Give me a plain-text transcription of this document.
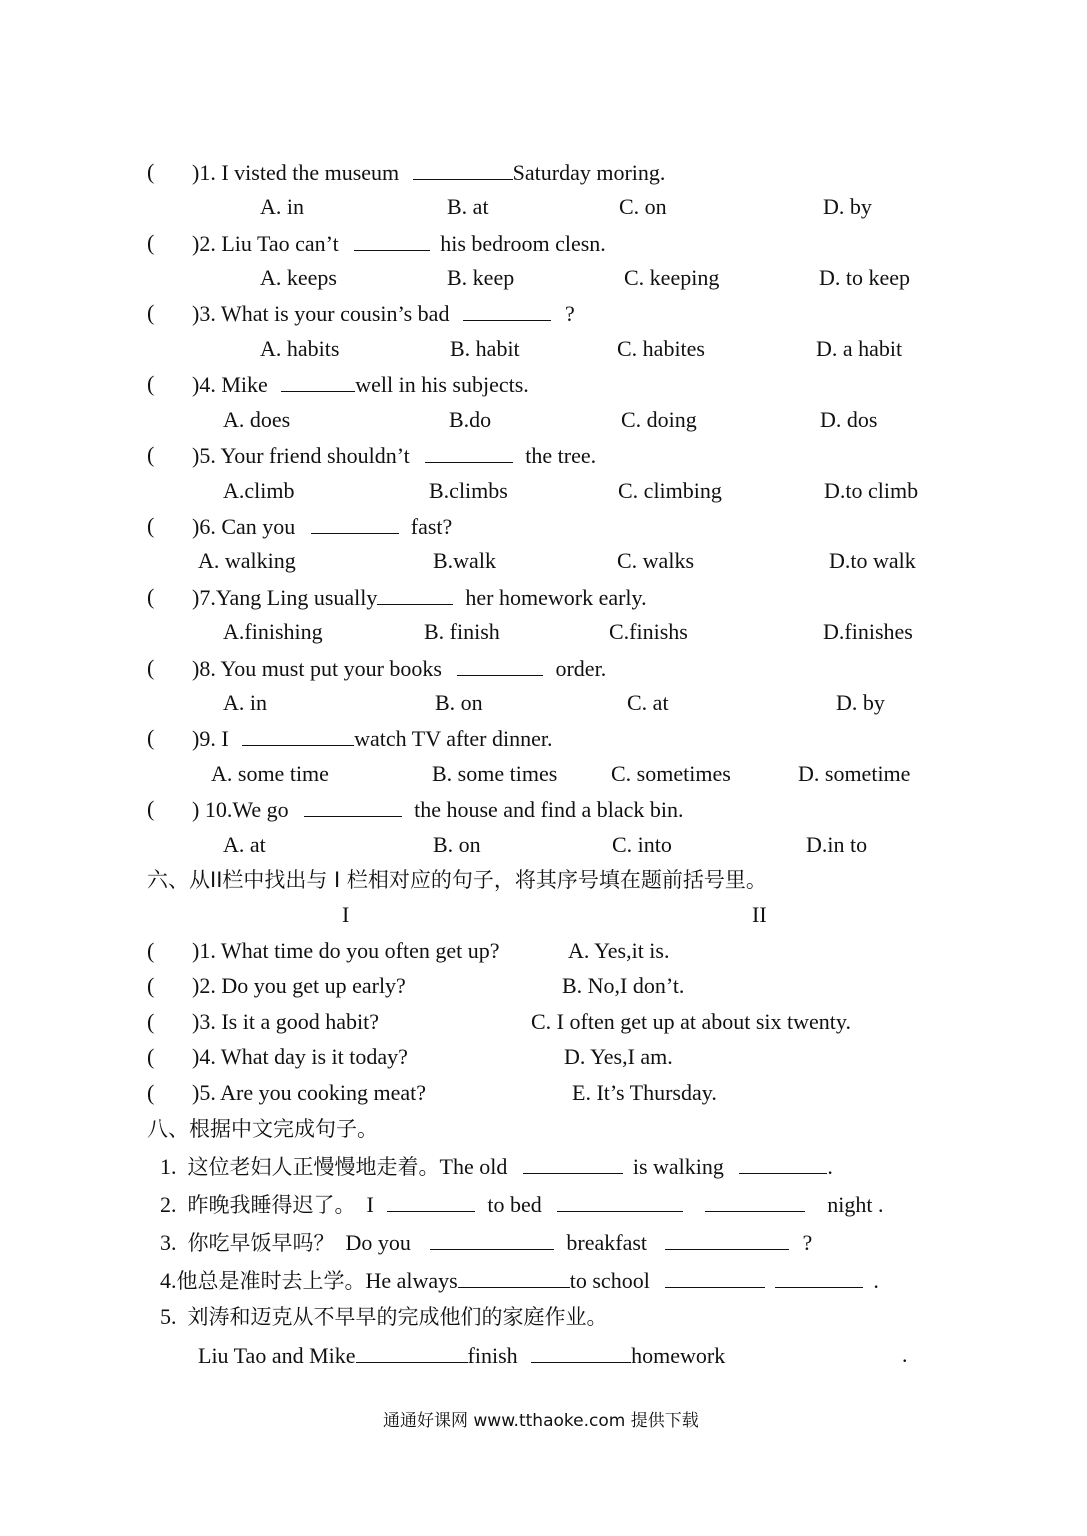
( )1. I visted the museum	Saturday moring.
A. in	B. at	C. on	D. by
( )2. Liu Tao can’t	his bedroom clesn.
A. keeps	B. keep	C. keeping	D. to keep
( )3. What is your cousin’s bad	?
A. habits	B. habit	C. habites	D. a habit
( )4. Mike	well in his subjects.
A. does	B.do	C. doing	D. dos
( )5. Your friend shouldn’t	the tree.
A.climb	B.climbs	C. climbing	D.to climb
( )6. Can you	fast?
A. walking	B.walk	C. walks	D.to walk
( )7.Yang Ling usually	her homework early.
A.finishing	B. finish	C.finishs	D.finishes
( )8. You must put your books	order.
A. in	B. on	C. at	D. by
( )9. I	watch TV after dinner.
A. some time	B. some times C. sometimes	D. sometime
( ) 10.We go	the house and find a black bin.
A. at	B. on	C. into	D.in to
六、从II栏中找出与 I 栏相对应的句子，将其序号填在题前括号里。
I	II
( )1. What time do you often get up?	A. Yes,it is.
( )2. Do you get up early?	B. No,I don’t.
( )3. Is it a good habit?	C. I often get up at about six twenty.
( )4. What day is it today?	D. Yes,I am.
( )5. Are you cooking meat?	E. It’s Thursday.
八、根据中文完成句子。
1. 这位老妇人正慢慢地走着。The old	is walking	.
2. 昨晚我睡得迟了。 I	to bed	night .
3. 你吃早饭早吗？ Do you	breakfast	?
4.他总是准时去上学。He always	to school	.
5. 刘涛和迈克从不早早的完成他们的家庭作业。
Liu Tao and Mike	finish	homework	.
通通好课网 www.tthaoke.com 提供下载
